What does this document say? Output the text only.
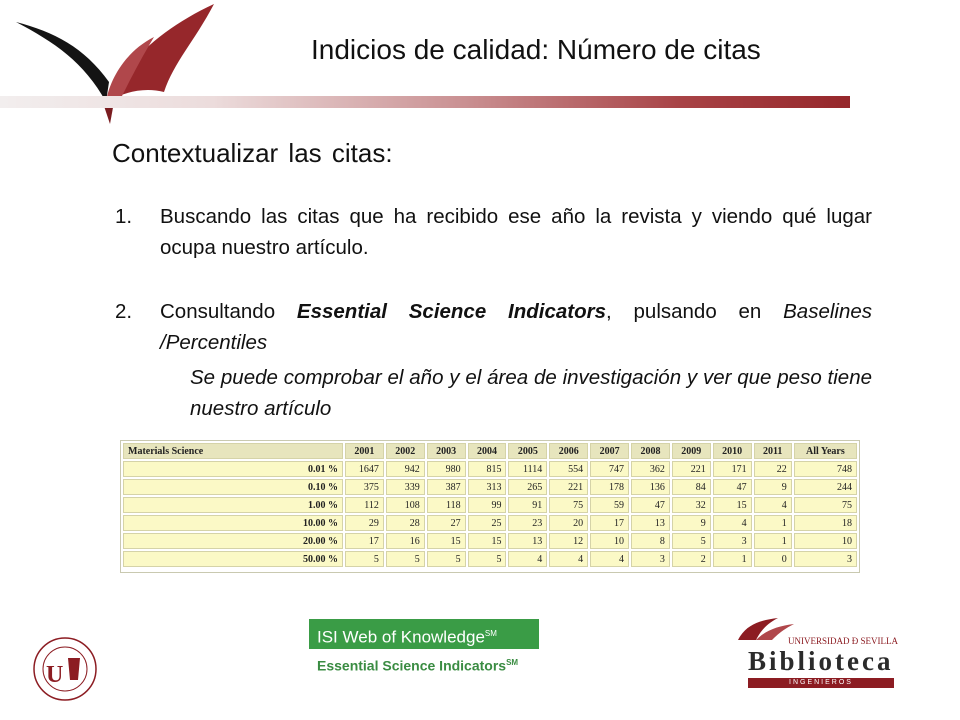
Indicios de calidad: Número de citas
Contextualizar las citas:
1.	Buscando las citas que ha recibido ese año la revista y viendo qué lugar ocupa nuestro artículo.
2.	Consultando Essential Science Indicators, pulsando en Baselines /Percentiles
Se puede comprobar el año y el área de investigación y ver que peso tiene nuestro artículo
Materials Science	2001	2002	2003	2004	2005	2006	2007	2008	2009	2010	2011	All Years
0.01 %	1647	942	980	815	1114	554	747	362	221	171	22	748
0.10 %	375	339	387	313	265	221	178	136	84	47	9	244
1.00 %	112	108	118	99	91	75	59	47	32	15	4	75
10.00 %	29	28	27	25	23	20	17	13	9	4	1	18
20.00 %	17	16	15	15	13	12	10	8	5	3	1	10
50.00 %	5	5	5	5	4	4	4	3	2	1	0	3
U
ISI Web of Knowledge℠
Essential Science Indicators℠
UNIVERSIDAD Ð SEVILLA
Biblioteca
INGENIEROS
